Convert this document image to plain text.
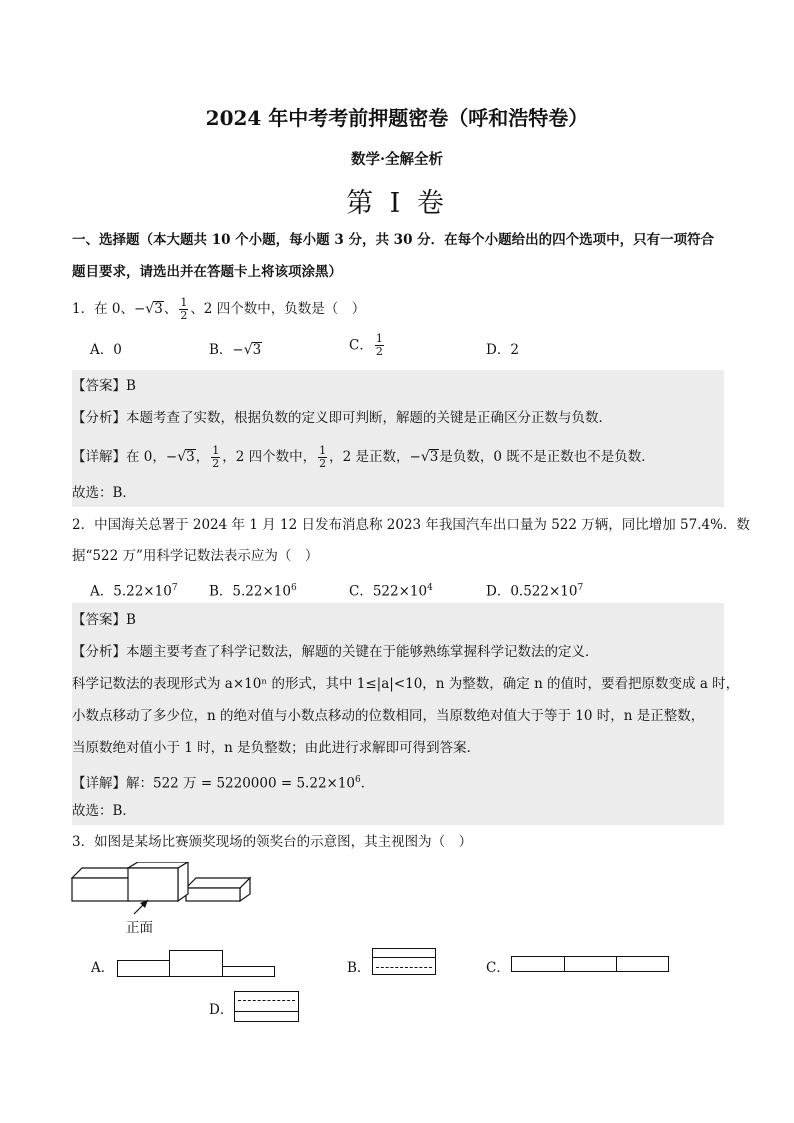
2024 年中考考前押题密卷（呼和浩特卷）
数学·全解全析
第 I 卷
一、选择题（本大题共 10 个小题，每小题 3 分，共 30 分．在每个小题给出的四个选项中，只有一项符合
题目要求，请选出并在答题卡上将该项涂黑）
1．在 0、−√3、 $\frac{1}{2}$ 、2 四个数中，负数是（　）
A．0	B．−√3	C． $\frac{1}{2}$	D．2
【答案】B
【分析】本题考查了实数，根据负数的定义即可判断，解题的关键是正确区分正数与负数．
【详解】在 0，−√3， $\frac{1}{2}$ ，2 四个数中， $\frac{1}{2}$ ，2 是正数，−√3是负数，0 既不是正数也不是负数．
故选：B．
2．中国海关总署于 2024 年 1 月 12 日发布消息称 2023 年我国汽车出口量为 522 万辆，同比增加 57.4%．数
据“522 万”用科学记数法表示应为（　）
A．$5.22\times 10^7$ B．$5.22\times 10^6$	C．$522\times 10^4$	D．$0.522\times 10^7$
【答案】B
【分析】本题主要考查了科学记数法，解题的关键在于能够熟练掌握科学记数法的定义．
科学记数法的表现形式为 a×10ⁿ 的形式，其中 1≤|a|<10，n 为整数，确定 n 的值时，要看把原数变成 a 时，
小数点移动了多少位，n 的绝对值与小数点移动的位数相同，当原数绝对值大于等于 10 时，n 是正整数，
当原数绝对值小于 1 时，n 是负整数；由此进行求解即可得到答案．
【详解】解：522 万 = $5220000 = 5.22\times 10^6$．
故选：B．
3．如图是某场比赛颁奖现场的领奖台的示意图，其主视图为（　）
正面
A．	B．	C．
D．
